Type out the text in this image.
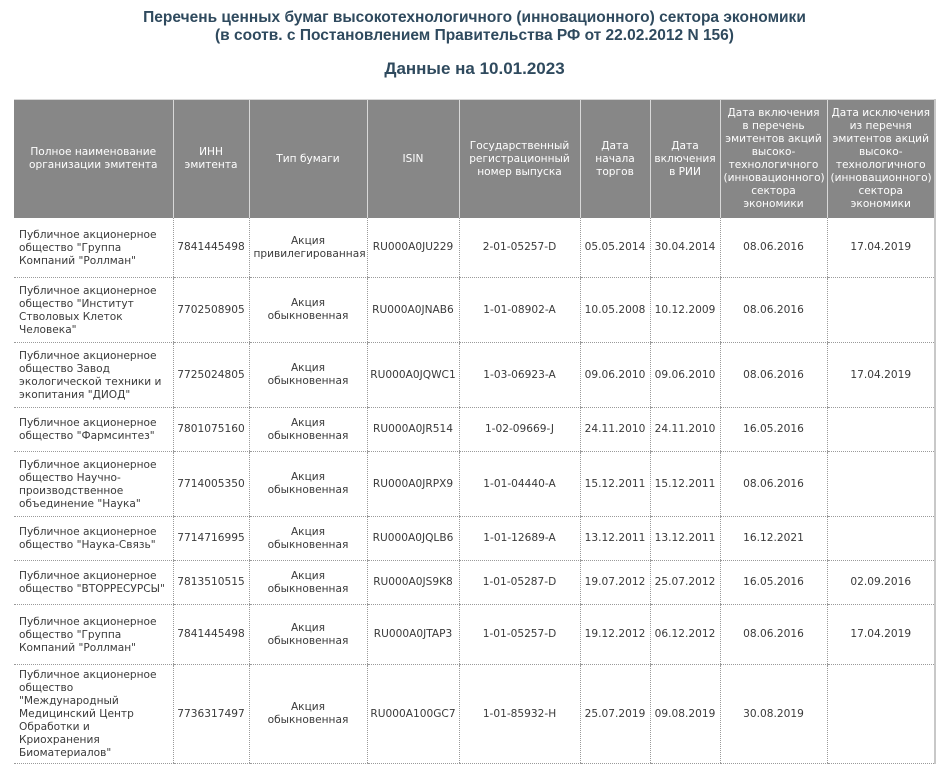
Перечень ценных бумаг высокотехнологичного (инновационного) сектора экономики
(в соотв. с Постановлением Правительства РФ от 22.02.2012 N 156)
Данные на 10.01.2023
Полное наименование организации эмитента	ИНН эмитента	Тип бумаги	ISIN	Государственный регистрационный номер выпуска	Дата начала торгов	Дата включения в РИИ	Дата включения в перечень эмитентов акций высоко-технологичного (инновационного) сектора экономики	Дата исключения из перечня эмитентов акций высоко-технологичного (инновационного) сектора экономики
Публичное акционерное общество "Группа Компаний "Роллман"	7841445498	Акция привилегированная	RU000A0JU229	2-01-05257-D	05.05.2014	30.04.2014	08.06.2016	17.04.2019
Публичное акционерное общество "Институт Стволовых Клеток Человека"	7702508905	Акция обыкновенная	RU000A0JNAB6	1-01-08902-A	10.05.2008	10.12.2009	08.06.2016	
Публичное акционерное общество Завод экологической техники и экопитания "ДИОД"	7725024805	Акция обыкновенная	RU000A0JQWC1	1-03-06923-A	09.06.2010	09.06.2010	08.06.2016	17.04.2019
Публичное акционерное общество "Фармсинтез"	7801075160	Акция обыкновенная	RU000A0JR514	1-02-09669-J	24.11.2010	24.11.2010	16.05.2016	
Публичное акционерное общество Научно-производственное объединение "Наука"	7714005350	Акция обыкновенная	RU000A0JRPX9	1-01-04440-A	15.12.2011	15.12.2011	08.06.2016	
Публичное акционерное общество "Наука-Связь"	7714716995	Акция обыкновенная	RU000A0JQLB6	1-01-12689-A	13.12.2011	13.12.2011	16.12.2021	
Публичное акционерное общество "ВТОРРЕСУРСЫ"	7813510515	Акция обыкновенная	RU000A0JS9K8	1-01-05287-D	19.07.2012	25.07.2012	16.05.2016	02.09.2016
Публичное акционерное общество "Группа Компаний "Роллман"	7841445498	Акция обыкновенная	RU000A0JTAP3	1-01-05257-D	19.12.2012	06.12.2012	08.06.2016	17.04.2019
Публичное акционерное общество "Международный Медицинский Центр Обработки и Криохранения Биоматериалов"	7736317497	Акция обыкновенная	RU000A100GC7	1-01-85932-H	25.07.2019	09.08.2019	30.08.2019	
